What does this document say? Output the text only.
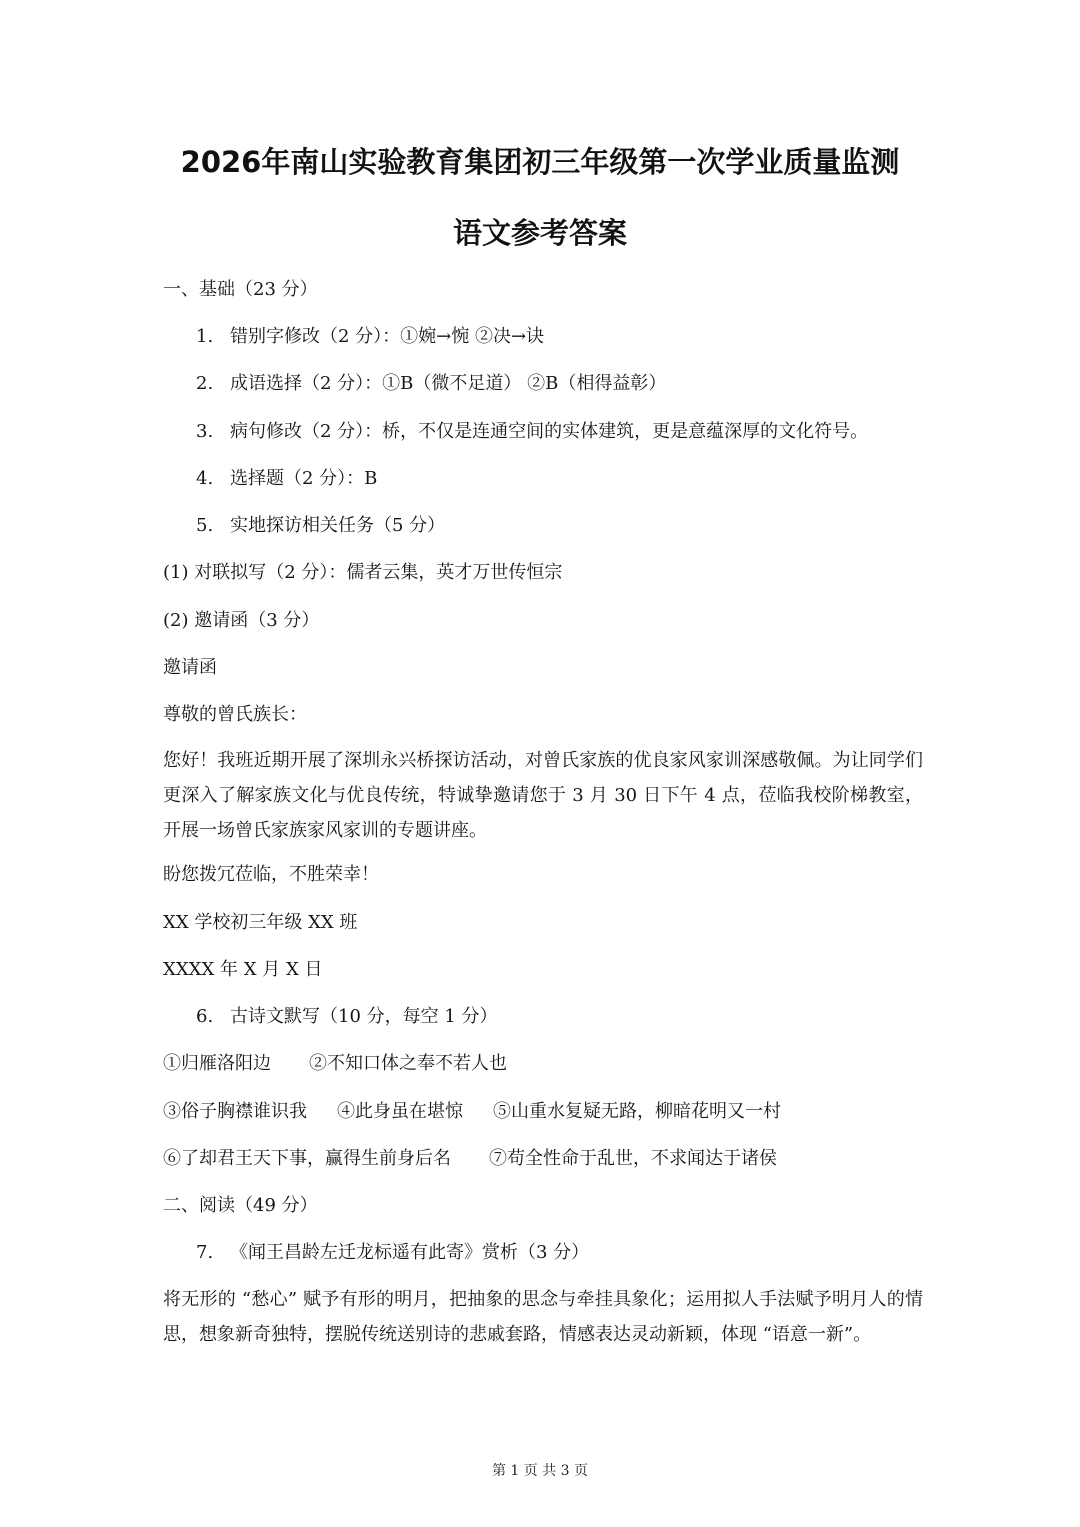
2026年南山实验教育集团初三年级第一次学业质量监测
语文参考答案
一、基础（23 分）
1. 错别字修改（2 分）：①婉→惋 ②决→诀
2. 成语选择（2 分）：①B（微不足道） ②B（相得益彰）
3. 病句修改（2 分）：桥，不仅是连通空间的实体建筑，更是意蕴深厚的文化符号。
4. 选择题（2 分）：B
5. 实地探访相关任务（5 分）
(1) 对联拟写（2 分）：儒者云集，英才万世传恒宗
(2) 邀请函（3 分）
邀请函
尊敬的曾氏族长：
您好！我班近期开展了深圳永兴桥探访活动，对曾氏家族的优良家风家训深感敬佩。为让同学们更深入了解家族文化与优良传统，特诚挚邀请您于 3 月 30 日下午 4 点，莅临我校阶梯教室，开展一场曾氏家族家风家训的专题讲座。
盼您拨冗莅临，不胜荣幸！
XX 学校初三年级 XX 班
XXXX 年 X 月 X 日
6. 古诗文默写（10 分，每空 1 分）
①归雁洛阳边 ②不知口体之奉不若人也
③俗子胸襟谁识我 ④此身虽在堪惊 ⑤山重水复疑无路，柳暗花明又一村
⑥了却君王天下事，赢得生前身后名 ⑦苟全性命于乱世，不求闻达于诸侯
二、阅读（49 分）
7. 《闻王昌龄左迁龙标遥有此寄》赏析（3 分）
将无形的 “愁心” 赋予有形的明月，把抽象的思念与牵挂具象化；运用拟人手法赋予明月人的情思，想象新奇独特，摆脱传统送别诗的悲戚套路，情感表达灵动新颖，体现 “语意一新”。
第 1 页 共 3 页
